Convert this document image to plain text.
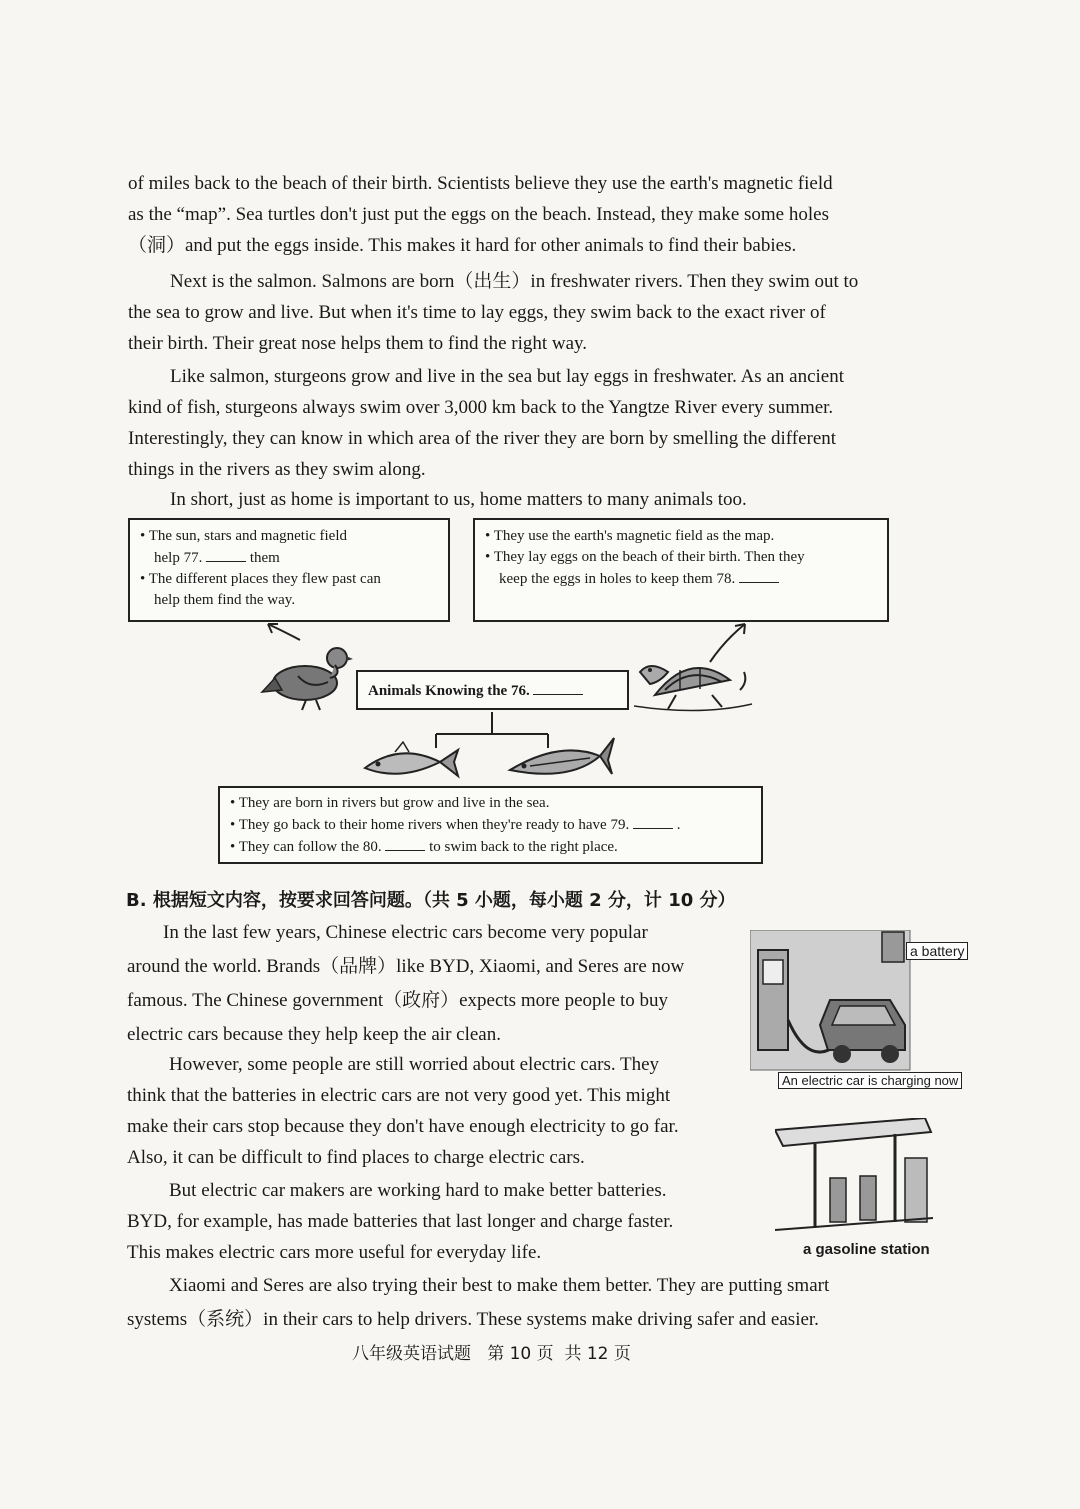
of miles back to the beach of their birth. Scientists believe they use the earth's magnetic field
as the “map”. Sea turtles don't just put the eggs on the beach. Instead, they make some holes
（洞）and put the eggs inside. This makes it hard for other animals to find their babies.
Next is the salmon. Salmons are born（出生）in freshwater rivers. Then they swim out to
the sea to grow and live. But when it's time to lay eggs, they swim back to the exact river of
their birth. Their great nose helps them to find the right way.
Like salmon, sturgeons grow and live in the sea but lay eggs in freshwater. As an ancient
kind of fish, sturgeons always swim over 3,000 km back to the Yangtze River every summer.
Interestingly, they can know in which area of the river they are born by smelling the different
things in the rivers as they swim along.
In short, just as home is important to us, home matters to many animals too.
• The sun, stars and magnetic field
help 77.	them
• The different places they flew past can
help them find the way.
• They use the earth's magnetic field as the map.
• They lay eggs on the beach of their birth. Then they
keep the eggs in holes to keep them 78.
Animals Knowing the 76.
• They are born in rivers but grow and live in the sea.
• They go back to their home rivers when they're ready to have 79.	.
• They can follow the 80.	to swim back to the right place.
B. 根据短文内容，按要求回答问题。（共 5 小题，每小题 2 分，计 10 分）
In the last few years, Chinese electric cars become very popular
around the world. Brands（品牌）like BYD, Xiaomi, and Seres are now
famous. The Chinese government（政府）expects more people to buy
electric cars because they help keep the air clean.
However, some people are still worried about electric cars. They
think that the batteries in electric cars are not very good yet. This might
make their cars stop because they don't have enough electricity to go far.
Also, it can be difficult to find places to charge electric cars.
But electric car makers are working hard to make better batteries.
BYD, for example, has made batteries that last longer and charge faster.
This makes electric cars more useful for everyday life.
Xiaomi and Seres are also trying their best to make them better. They are putting smart
systems（系统）in their cars to help drivers. These systems make driving safer and easier.
a battery
An electric car is charging now
a gasoline station
八年级英语试题   第 10 页  共 12 页
